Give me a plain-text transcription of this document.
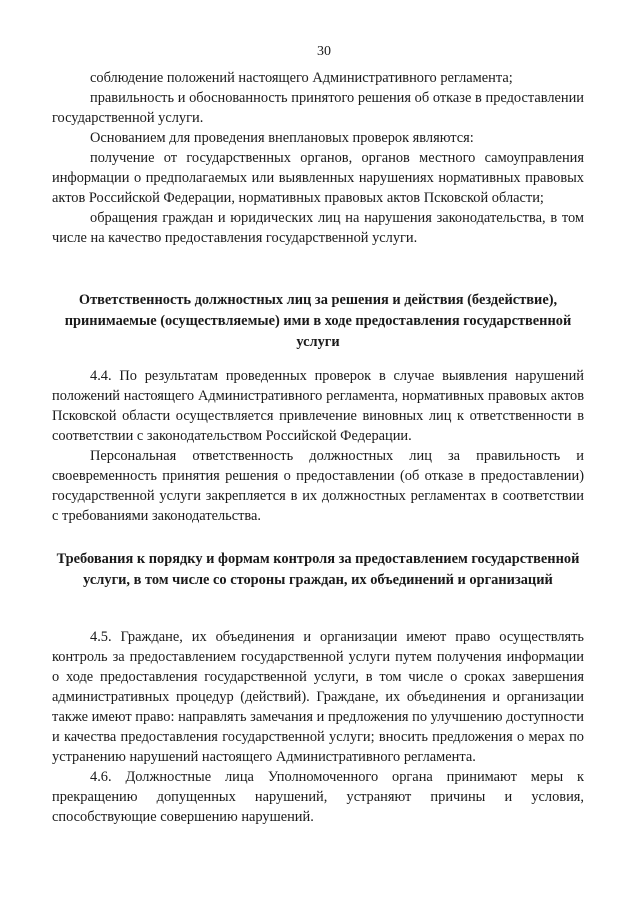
30

соблюдение положений настоящего Административного регламента;

правильность и обоснованность принятого решения об отказе в предоставлении государственной услуги.

Основанием для проведения внеплановых проверок являются:

получение от государственных органов, органов местного самоуправления информации о предполагаемых или выявленных нарушениях нормативных правовых актов Российской Федерации, нормативных правовых актов Псковской области;

обращения граждан и юридических лиц на нарушения законодательства, в том числе на качество предоставления государственной услуги.

Ответственность должностных лиц за решения и действия (бездействие), принимаемые (осуществляемые) ими в ходе предоставления государственной услуги

4.4. По результатам проведенных проверок в случае выявления нарушений положений настоящего Административного регламента, нормативных правовых актов Псковской области осуществляется привлечение виновных лиц к ответственности в соответствии с законодательством Российской Федерации.

Персональная ответственность должностных лиц за правильность и своевременность принятия решения о предоставлении (об отказе в предоставлении) государственной услуги закрепляется в их должностных регламентах в соответствии с требованиями законодательства.

Требования к порядку и формам контроля за предоставлением государственной услуги, в том числе со стороны граждан, их объединений и организаций

4.5. Граждане, их объединения и организации имеют право осуществлять контроль за предоставлением государственной услуги путем получения информации о ходе предоставления государственной услуги, в том числе о сроках завершения административных процедур (действий). Граждане, их объединения и организации также имеют право: направлять замечания и предложения по улучшению доступности и качества предоставления государственной услуги; вносить предложения о мерах по устранению нарушений настоящего Административного регламента.

4.6. Должностные лица Уполномоченного органа принимают меры к прекращению допущенных нарушений, устраняют причины и условия, способствующие совершению нарушений.
